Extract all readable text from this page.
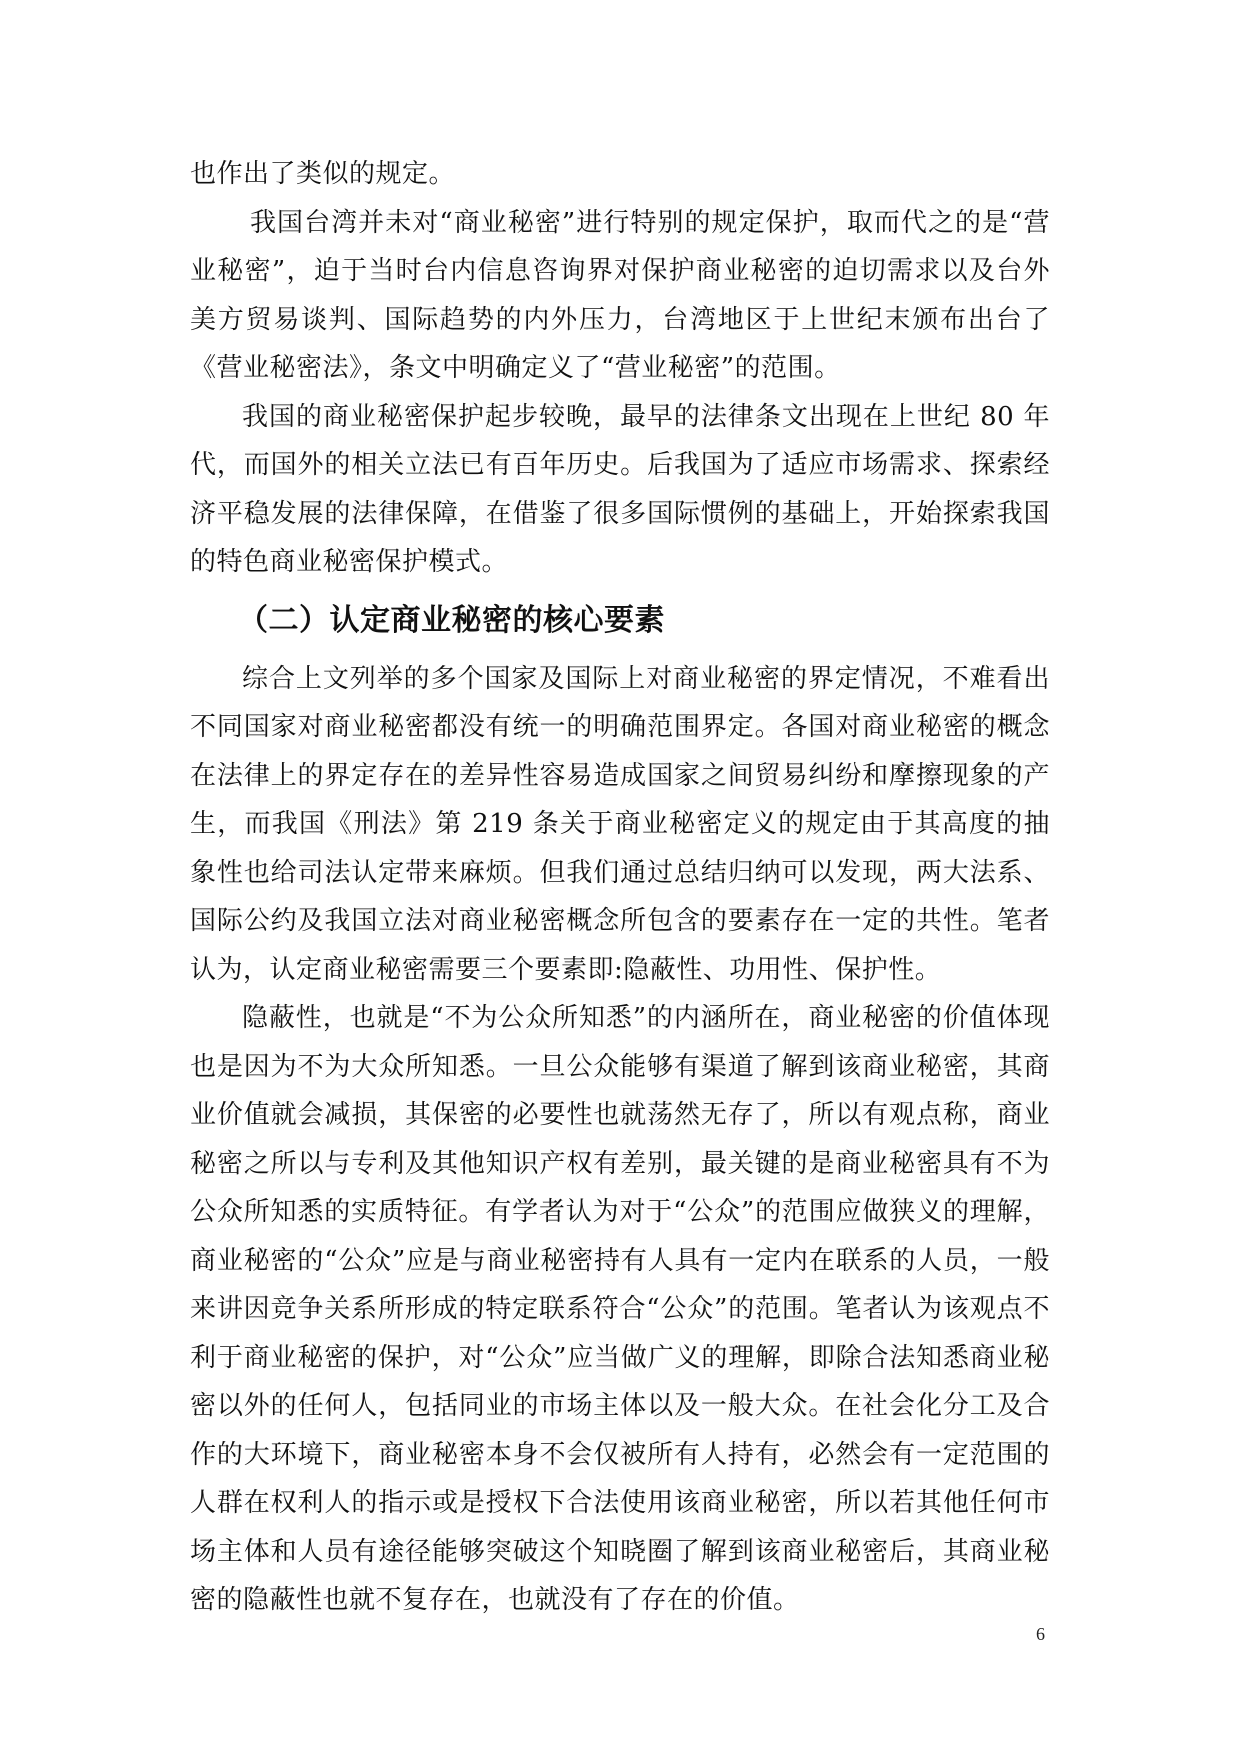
也作出了类似的规定。

我国台湾并未对“商业秘密”进行特别的规定保护，取而代之的是“营业秘密”，迫于当时台内信息咨询界对保护商业秘密的迫切需求以及台外美方贸易谈判、国际趋势的内外压力，台湾地区于上世纪末颁布出台了《营业秘密法》，条文中明确定义了“营业秘密”的范围。

我国的商业秘密保护起步较晚，最早的法律条文出现在上世纪 80 年代，而国外的相关立法已有百年历史。后我国为了适应市场需求、探索经济平稳发展的法律保障，在借鉴了很多国际惯例的基础上，开始探索我国的特色商业秘密保护模式。

（二）认定商业秘密的核心要素

综合上文列举的多个国家及国际上对商业秘密的界定情况，不难看出不同国家对商业秘密都没有统一的明确范围界定。各国对商业秘密的概念在法律上的界定存在的差异性容易造成国家之间贸易纠纷和摩擦现象的产生，而我国《刑法》第 219 条关于商业秘密定义的规定由于其高度的抽象性也给司法认定带来麻烦。但我们通过总结归纳可以发现，两大法系、国际公约及我国立法对商业秘密概念所包含的要素存在一定的共性。笔者认为，认定商业秘密需要三个要素即:隐蔽性、功用性、保护性。

隐蔽性，也就是“不为公众所知悉”的内涵所在，商业秘密的价值体现也是因为不为大众所知悉。一旦公众能够有渠道了解到该商业秘密，其商业价值就会减损，其保密的必要性也就荡然无存了，所以有观点称，商业秘密之所以与专利及其他知识产权有差别，最关键的是商业秘密具有不为公众所知悉的实质特征。有学者认为对于“公众”的范围应做狭义的理解，商业秘密的“公众”应是与商业秘密持有人具有一定内在联系的人员，一般来讲因竞争关系所形成的特定联系符合“公众”的范围。笔者认为该观点不利于商业秘密的保护，对“公众”应当做广义的理解，即除合法知悉商业秘密以外的任何人，包括同业的市场主体以及一般大众。在社会化分工及合作的大环境下，商业秘密本身不会仅被所有人持有，必然会有一定范围的人群在权利人的指示或是授权下合法使用该商业秘密，所以若其他任何市场主体和人员有途径能够突破这个知晓圈了解到该商业秘密后，其商业秘密的隐蔽性也就不复存在，也就没有了存在的价值。

6
